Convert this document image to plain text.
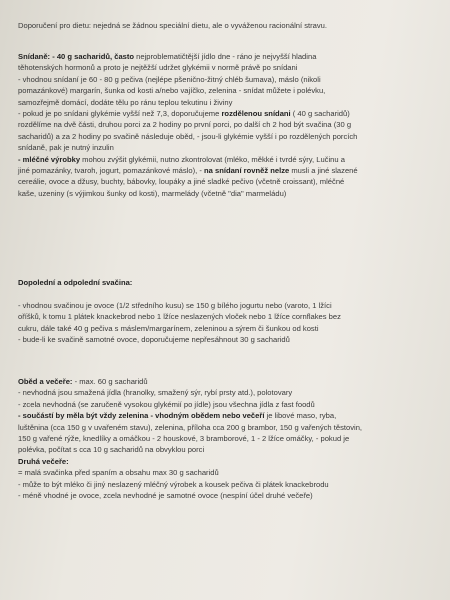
Doporučení pro dietu: nejedná se žádnou speciální dietu, ale o vyváženou racionální stravu.
Snídaně: - 40 g sacharidů, často nejproblematičtější jídlo dne - ráno je nejvyšší hladina
těhotenských hormonů a proto je nejtěžší udržet glykémii v normě právě po snídani
- vhodnou snídaní je 60 - 80 g pečiva (nejlépe pšenično-žitný chléb šumava), máslo (nikoli
pomazánkové) margarín, šunka od kosti a/nebo vajíčko, zelenina - snídat můžete i polévku,
samozřejmě domácí, dodáte tělu po ránu teplou tekutinu i živiny
- pokud je po snídani glykémie vyšší než 7,3, doporučujeme rozdělenou snídani ( 40 g sacharidů)
rozdělíme na dvě části, druhou porci za 2 hodiny po první porci, po další ch 2 hod být svačina (30 g
sacharidů) a za 2 hodiny po svačině následuje oběd, - jsou-li glykémie vyšší i po rozdělených porcích
snídaně, pak je nutný inzulin
- mléčné výrobky mohou zvýšit glykémii, nutno zkontrolovat (mléko, měkké i tvrdé sýry, Lučinu a
jiné pomazánky, tvaroh, jogurt, pomazánkové máslo), - na snídaní rovněž nelze musli a jiné slazené
cereálie, ovoce a džusy, buchty, bábovky, loupáky a jiné sladké pečivo (včetně croissant), mléčné
kaše, uzeniny (s výjimkou šunky od kosti), marmelády (včetně "dia" marmeládu)
Dopolední a odpolední svačina:
- vhodnou svačinou je ovoce (1/2 středního kusu) se 150 g bílého jogurtu nebo (varoto, 1 lžíci
oříšků, k tomu 1 plátek knackebrod nebo 1 lžíce neslazených vloček nebo 1 lžíce cornflakes bez
cukru, dále také 40 g pečiva s máslem/margarínem, zeleninou a sýrem či šunkou od kosti
- bude-li ke svačině samotné ovoce, doporučujeme nepřesáhnout 30 g sacharidů
Oběd a večeře: - max. 60 g sacharidů
- nevhodná jsou smažená jídla (hranolky, smažený sýr, rybí prsty atd.), polotovary
- zcela nevhodná (se zaručeně vysokou glykémií po jídle) jsou všechna jídla z fast foodů
- součástí by měla být vždy zelenina - vhodným obědem nebo večeří je libové maso, ryba,
luštěnina (cca 150 g v uvařeném stavu), zelenina, příloha cca 200 g brambor, 150 g vařených těstovin,
150 g vařené rýže, knedlíky a omáčkou - 2 houskové, 3 bramborové, 1 - 2 lžíce omáčky, - pokud je
polévka, počítat s cca 10 g sacharidů na obvyklou porci
Druhá večeře:
= malá svačinka před spaním a obsahu max 30 g sacharidů
- může to být mléko či jiný neslazený mléčný výrobek a kousek pečiva či plátek knackebrodu
- méně vhodné je ovoce, zcela nevhodné je samotné ovoce (nespíní účel druhé večeře)
